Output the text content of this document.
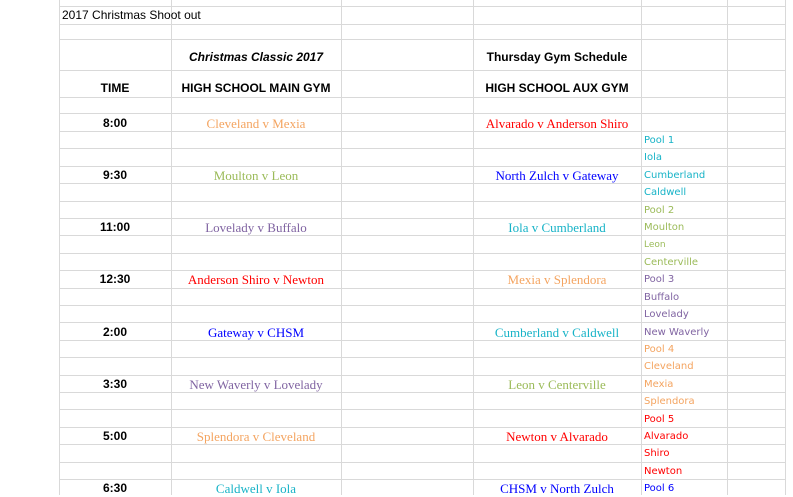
2017 Christmas Shoot out
Christmas Classic 2017	Thursday Gym Schedule
TIME	HIGH SCHOOL MAIN GYM	HIGH SCHOOL AUX GYM
8:00	Cleveland v Mexia	Alvarado v Anderson Shiro
9:30	Moulton v Leon	North Zulch v Gateway
11:00	Lovelady v Buffalo	Iola v Cumberland
12:30	Anderson Shiro v Newton	Mexia v Splendora
2:00	Gateway v CHSM	Cumberland v Caldwell
3:30	New Waverly v Lovelady	Leon v Centerville
5:00	Splendora v Cleveland	Newton v Alvarado
6:30	Caldwell v Iola	CHSM v North Zulch
Pool 1
Iola
Cumberland
Caldwell
Pool 2
Moulton
Leon
Centerville
Pool 3
Buffalo
Lovelady
New Waverly
Pool 4
Cleveland
Mexia
Splendora
Pool 5
Alvarado
Shiro
Newton
Pool 6
